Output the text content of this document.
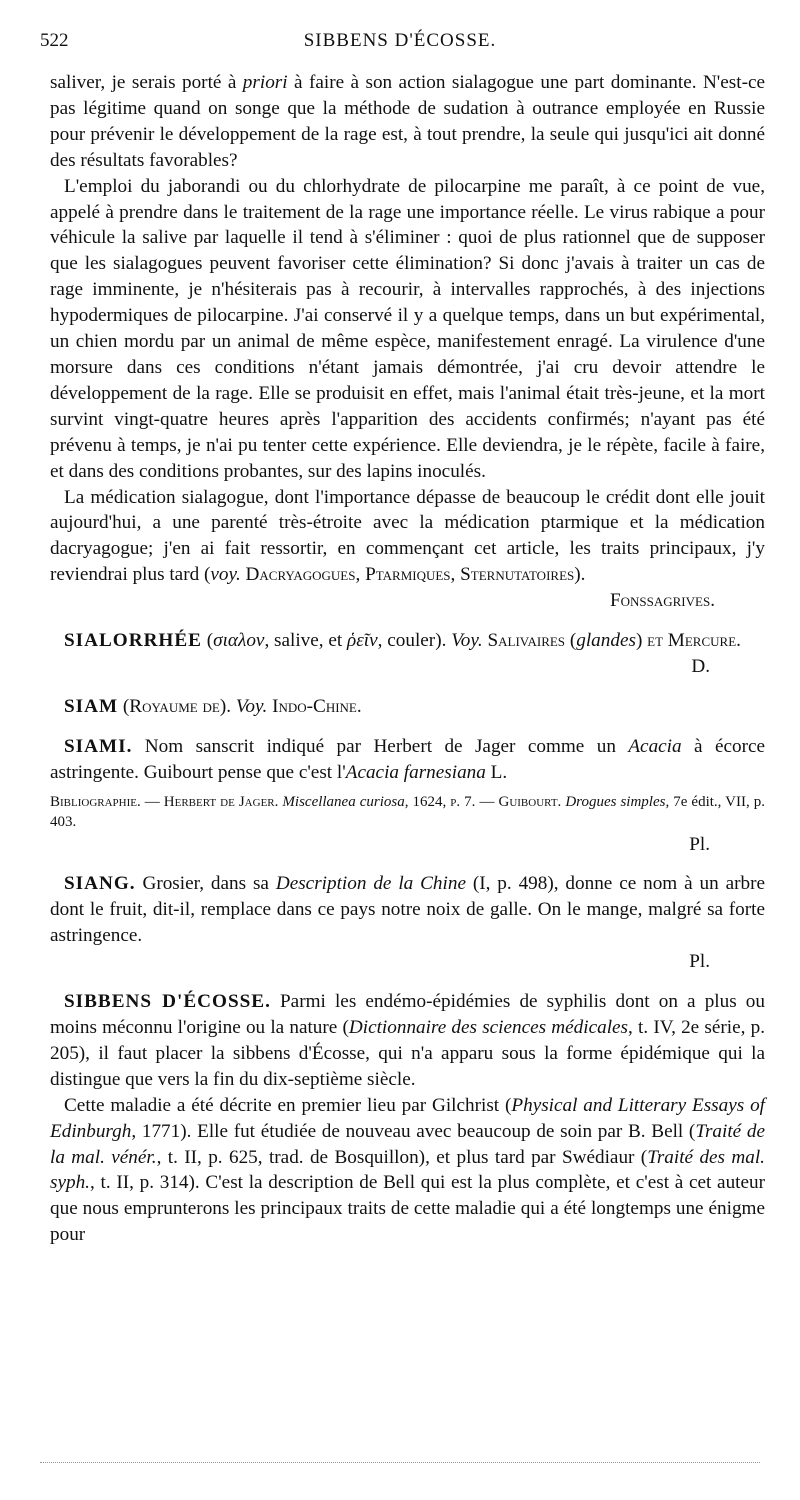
522	SIBBENS D'ÉCOSSE.

saliver, je serais porté à priori à faire à son action sialagogue une part dominante. N'est-ce pas légitime quand on songe que la méthode de sudation à outrance employée en Russie pour prévenir le développement de la rage est, à tout prendre, la seule qui jusqu'ici ait donné des résultats favorables?

L'emploi du jaborandi ou du chlorhydrate de pilocarpine me paraît, à ce point de vue, appelé à prendre dans le traitement de la rage une importance réelle. Le virus rabique a pour véhicule la salive par laquelle il tend à s'éliminer : quoi de plus rationnel que de supposer que les sialagogues peuvent favoriser cette élimination? Si donc j'avais à traiter un cas de rage imminente, je n'hésiterais pas à recourir, à intervalles rapprochés, à des injections hypodermiques de pilocarpine. J'ai conservé il y a quelque temps, dans un but expérimental, un chien mordu par un animal de même espèce, manifestement enragé. La virulence d'une morsure dans ces conditions n'étant jamais démontrée, j'ai cru devoir attendre le développement de la rage. Elle se produisit en effet, mais l'animal était très-jeune, et la mort survint vingt-quatre heures après l'apparition des accidents confirmés; n'ayant pas été prévenu à temps, je n'ai pu tenter cette expérience. Elle deviendra, je le répète, facile à faire, et dans des conditions probantes, sur des lapins inoculés.

La médication sialagogue, dont l'importance dépasse de beaucoup le crédit dont elle jouit aujourd'hui, a une parenté très-étroite avec la médication ptarmique et la médication dacryagogue; j'en ai fait ressortir, en commençant cet article, les traits principaux, j'y reviendrai plus tard (voy. Dacryagogues, Ptarmiques, Sternutatoires).

Fonssagrives.

SIALORRHÉE (σιαλον, salive, et ῥεῖν, couler). Voy. Salivaires (glandes) et Mercure.

D.

SIAM (Royaume de). Voy. Indo-Chine.

SIAMI. Nom sanscrit indiqué par Herbert de Jager comme un Acacia à écorce astringente. Guibourt pense que c'est l'Acacia farnesiana L.

Bibliographie. — Herbert de Jager. Miscellanea curiosa, 1624, p. 7. — Guibourt. Drogues simples, 7e édit., VII, p. 403.

Pl.

SIANG. Grosier, dans sa Description de la Chine (I, p. 498), donne ce nom à un arbre dont le fruit, dit-il, remplace dans ce pays notre noix de galle. On le mange, malgré sa forte astringence.

Pl.

SIBBENS D'ÉCOSSE. Parmi les endémo-épidémies de syphilis dont on a plus ou moins méconnu l'origine ou la nature (Dictionnaire des sciences médicales, t. IV, 2e série, p. 205), il faut placer la sibbens d'Écosse, qui n'a apparu sous la forme épidémique qui la distingue que vers la fin du dix-septième siècle.

Cette maladie a été décrite en premier lieu par Gilchrist (Physical and Litterary Essays of Edinburgh, 1771). Elle fut étudiée de nouveau avec beaucoup de soin par B. Bell (Traité de la mal. vénér., t. II, p. 625, trad. de Bosquillon), et plus tard par Swédiaur (Traité des mal. syph., t. II, p. 314). C'est la description de Bell qui est la plus complète, et c'est à cet auteur que nous emprunterons les principaux traits de cette maladie qui a été longtemps une énigme pour
